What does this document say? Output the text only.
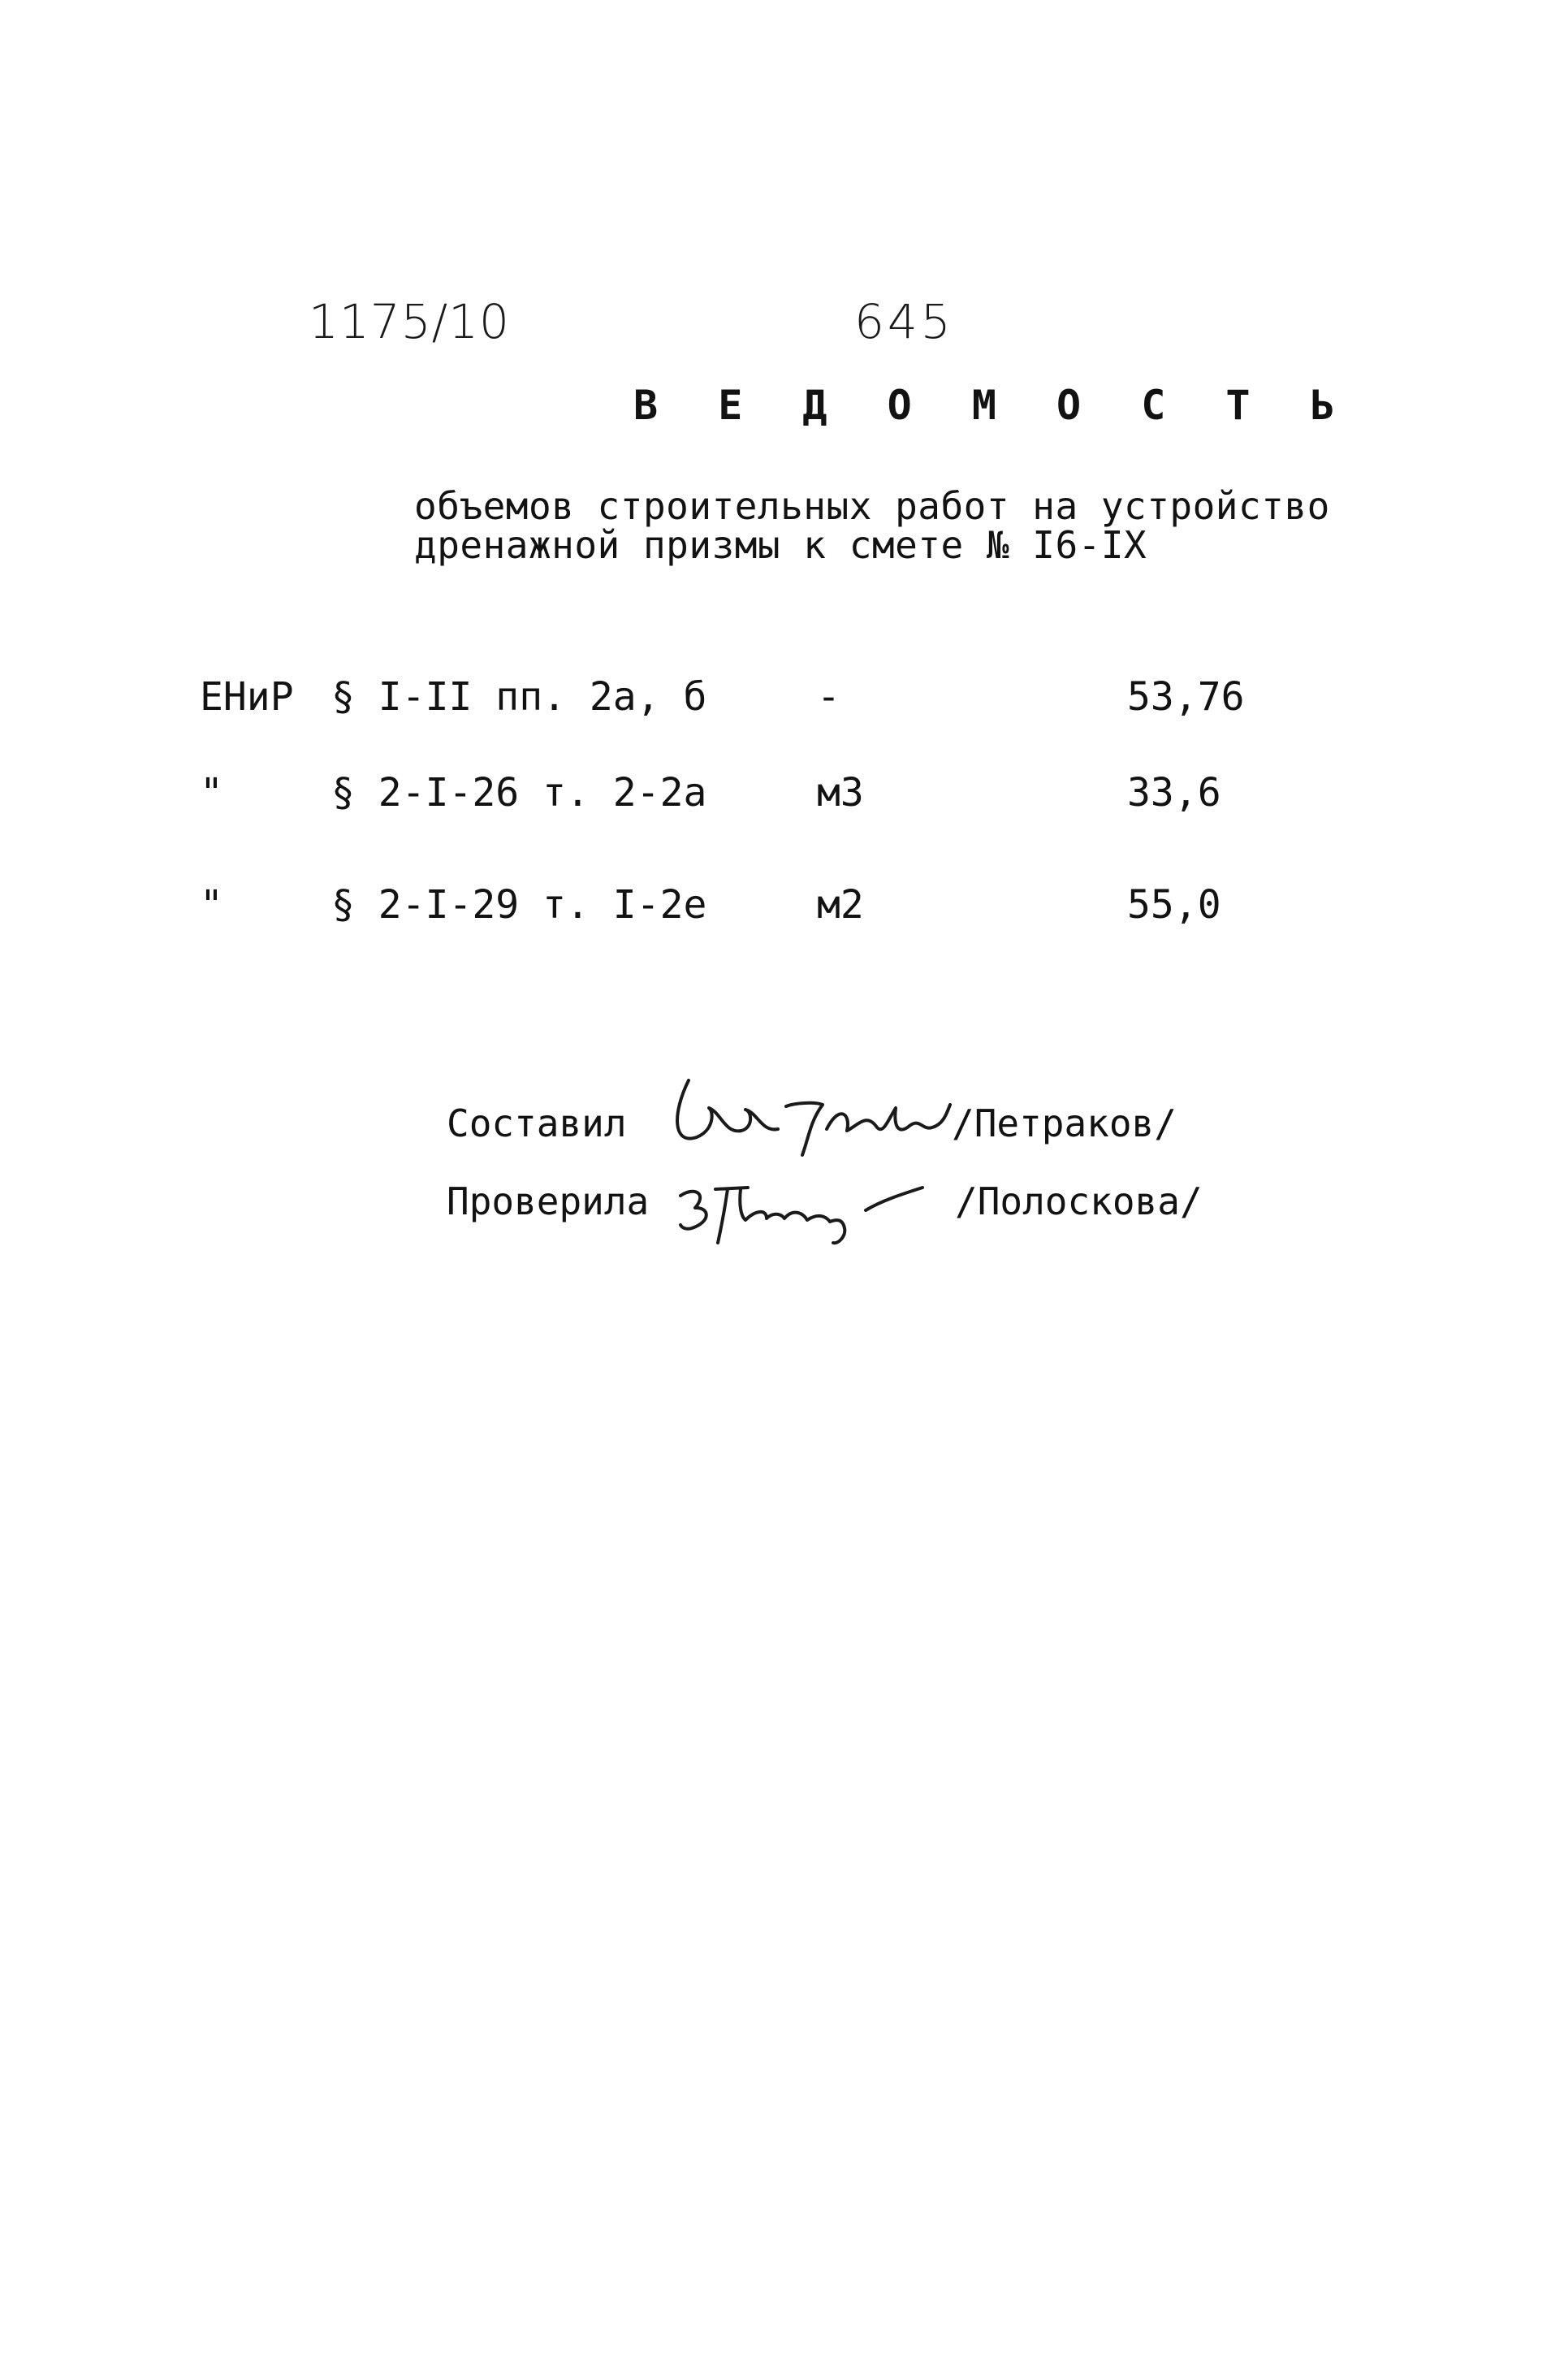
1175/10	645
В Е Д О М О С Т Ь
объемов строительных работ на устройство
дренажной призмы к смете № I6-IX
ЕНиР § I-II пп. 2а, б	-	53,76
"	§ 2-I-26 т. 2-2а	м3	33,6
"	§ 2-I-29 т. I-2е	м2	55,0
Составил	/Петраков/
Проверила	/Полоскова/
